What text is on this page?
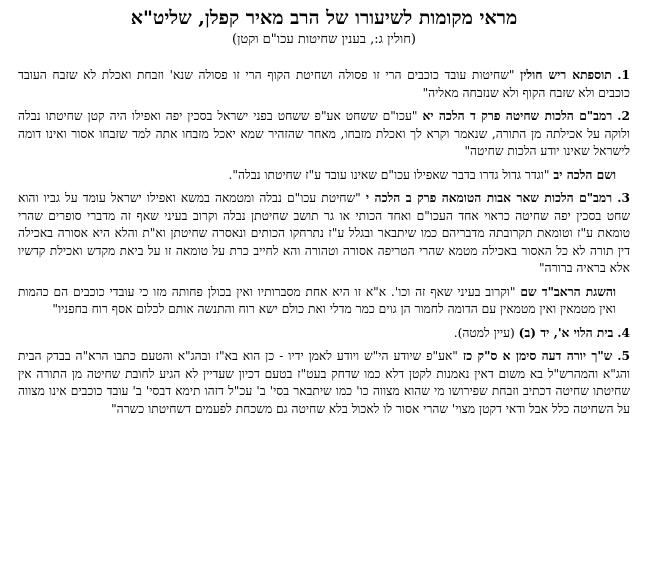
מראי מקומות לשיעורו של הרב מאיר קפלן, שליט"א
(חולין ג:, בענין שחיטות עכו"ם וקטן)

1. תוספתא ריש חולין "שחיטות עובד כוכבים הרי זו פסולה ושחיטת הקוף הרי זו פסולה שנא' וזבחת ואכלת לא שזבח העובד כוכבים ולא שזבח הקוף ולא שנזבחה מאליה"

2. רמב"ם הלכות שחיטה פרק ד הלכה יא "עכו"ם ששחט אע"פ ששחט בפני ישראל בסכין יפה ואפילו היה קטן שחיטתו נבלה ולוקה על אכילתה מן התורה, שנאמר וקרא לך ואכלת מזבחו, מאחר שהזהיר שמא יאכל מזבחו אתה למד שזבחו אסור ואינו דומה לישראל שאינו יודע הלכות שחיטה"

ושם הלכה יב "וגדר גדול גדרו בדבר שאפילו עכו"ם שאינו עובד ע"ז שחיטתו נבלה".

3. רמב"ם הלכות שאר אבות הטומאה פרק ב הלכה י "שחיטת עכו"ם נבלה ומטמאה במשא ואפילו ישראל עומד על גביו והוא שחט בסכין יפה שחיטה כראוי אחד העכו"ם ואחד הכותי או גר תושב שחיטתן נבלה וקרוב בעיני שאף זה מדברי סופרים שהרי טומאת ע"ז וטומאת תקרובתה מדבריהם כמו שיתבאר ובגלל ע"ז נתרחקו הכותים ונאסרה שחיטתן וא"ת והלא היא אסורה באכילה דין תורה לא כל האסור באכילה מטמא שהרי הטריפה אסורה וטהורה והא לחייב כרת על טומאה זו על ביאת מקדש ואכילת קדשיו אלא בראיה ברורה"

והשגת הראב"ד שם "וקרוב בעיני שאף זה וכו'. א"א זו היא אחת מסברותיו ואין בכולן פחותה מזו כי עובדי כוכבים הם כהמות ואין מטמאין ואין מטמאין עם הדומה לחמור הן גוים כמר מדלי ואת כולם ישא רוח והתנשה אותם לכלום אסף רוח בחפניו"

4. בית הלוי א', יד (ב) (עיין למטה).

5. ש"ך יורה דעה סימן א ס"ק כז "אע"פ שיודע הי"ש ויודע לאמן ידיו - כן הוא בא"ז ובהג"א והטעם כתבו הרא"ה בבדק הבית והג"א והמהרש"ל בא משום דאין נאמנות לקטן דלא כמו שדחק בעט"ז בטעם דכיון שעדיין לא הגיע לחובת שחיטה מן התורה אין שחיטתו שחיטה דכתיב וזבחת שפירושו מי שהוא מצווה כו' כמו שיתבאר בסי' ב' עכ"ל דזהו תימא דבסי' ב' עובד כוכבים אינו מצווה על השחיטה כלל אבל ודאי דקטן מצוי' שהרי אסור לו לאכול בלא שחיטה גם משכחת לפעמים דשחיטתו כשרה"
